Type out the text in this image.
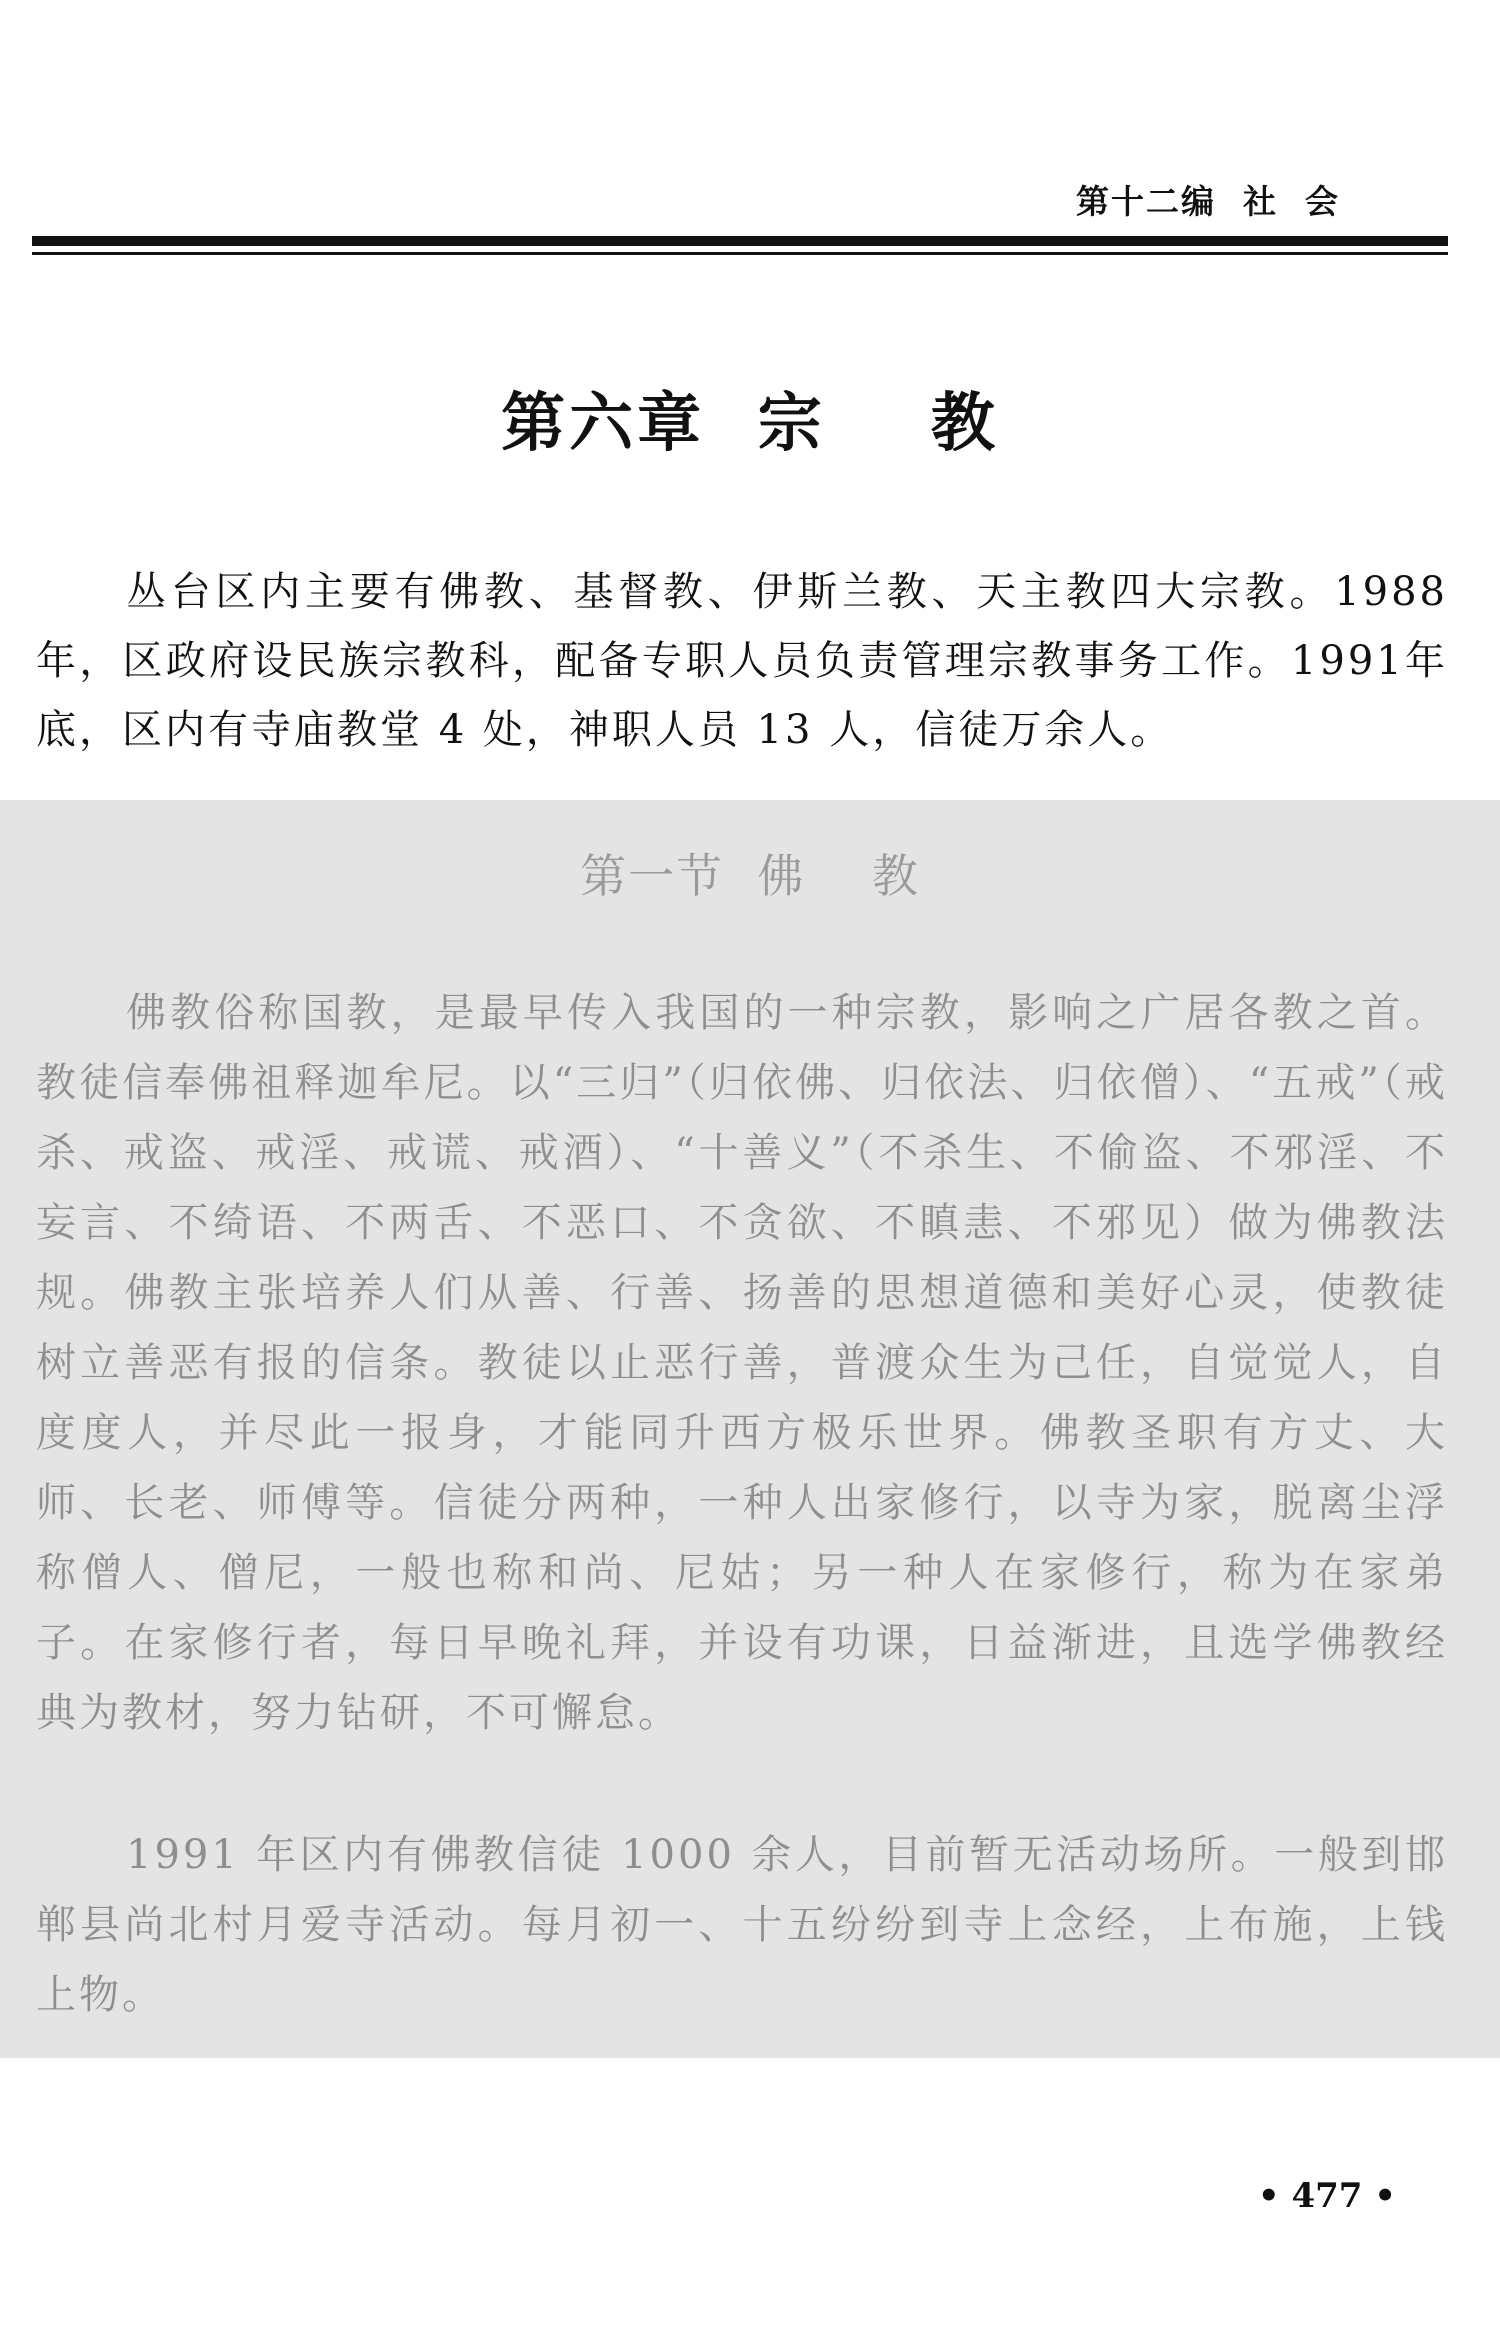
第十二编  社  会
第六章  宗    教

丛台区内主要有佛教、基督教、伊斯兰教、天主教四大宗教。1988年，区政府设民族宗教科，配备专职人员负责管理宗教事务工作。1991年底，区内有寺庙教堂 4 处，神职人员 13 人，信徒万余人。

第一节  佛    教

佛教俗称国教，是最早传入我国的一种宗教，影响之广居各教之首。教徒信奉佛祖释迦牟尼。以“三归”（归依佛、归依法、归依僧）、“五戒”（戒杀、戒盗、戒淫、戒谎、戒酒）、“十善义”（不杀生、不偷盗、不邪淫、不妄言、不绮语、不两舌、不恶口、不贪欲、不瞋恚、不邪见）做为佛教法规。佛教主张培养人们从善、行善、扬善的思想道德和美好心灵，使教徒树立善恶有报的信条。教徒以止恶行善，普渡众生为己任，自觉觉人，自度度人，并尽此一报身，才能同升西方极乐世界。佛教圣职有方丈、大师、长老、师傅等。信徒分两种，一种人出家修行，以寺为家，脱离尘浮称僧人、僧尼，一般也称和尚、尼姑；另一种人在家修行，称为在家弟子。在家修行者，每日早晚礼拜，并设有功课，日益渐进，且选学佛教经典为教材，努力钻研，不可懈怠。

1991 年区内有佛教信徒 1000 余人，目前暂无活动场所。一般到邯郸县尚北村月爱寺活动。每月初一、十五纷纷到寺上念经，上布施，上钱上物。

• 477 •
